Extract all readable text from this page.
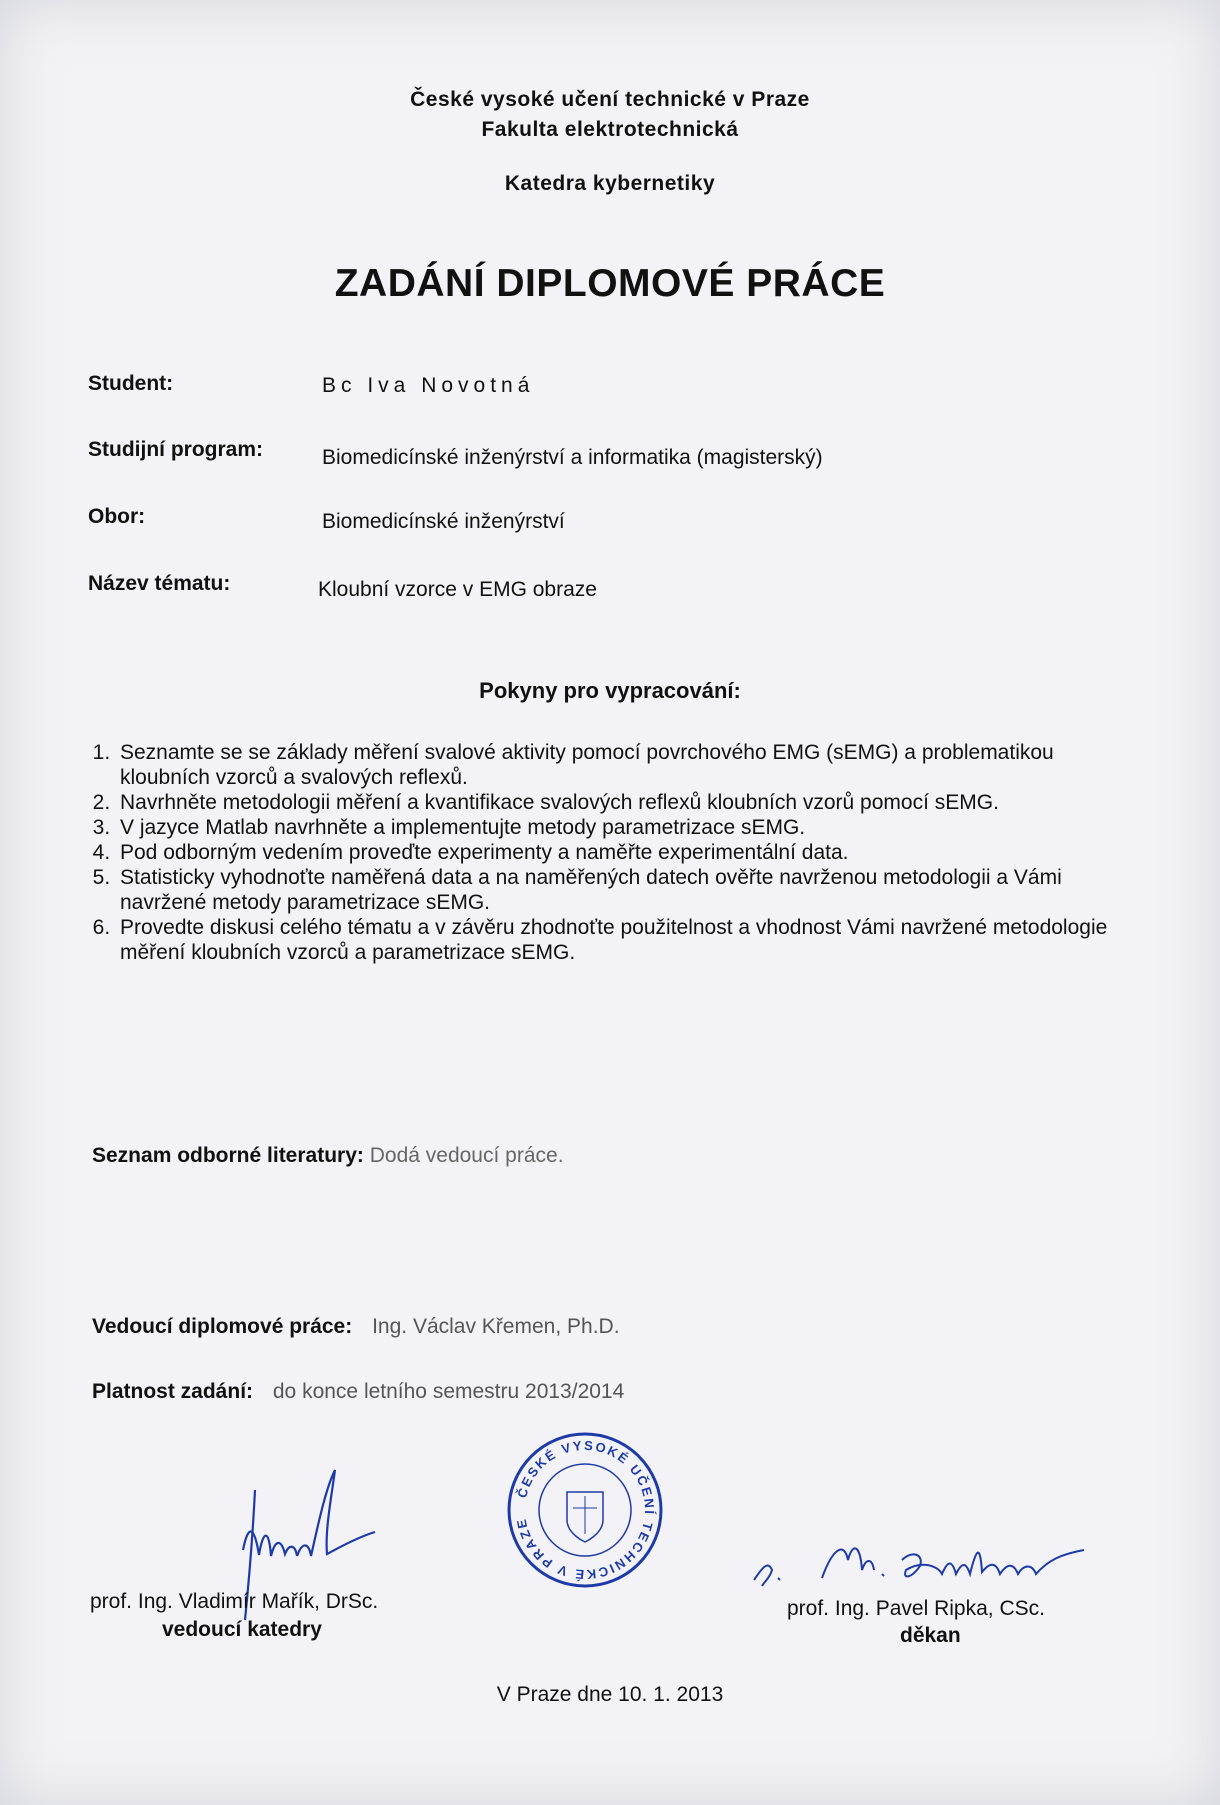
České vysoké učení technické v Praze
Fakulta elektrotechnická
Katedra kybernetiky
ZADÁNÍ DIPLOMOVÉ PRÁCE
Student:	Bc Iva Novotná
Studijní program:	Biomedicínské inženýrství a informatika (magisterský)
Obor:	Biomedicínské inženýrství
Název tématu:	Kloubní vzorce v EMG obraze
Pokyny pro vypracování:
1. Seznamte se se základy měření svalové aktivity pomocí povrchového EMG (sEMG) a problematikou kloubních vzorců a svalových reflexů.
2. Navrhněte metodologii měření a kvantifikace svalových reflexů kloubních vzorů pomocí sEMG.
3. V jazyce Matlab navrhněte a implementujte metody parametrizace sEMG.
4. Pod odborným vedením proveďte experimenty a naměřte experimentální data.
5. Statisticky vyhodnoťte naměřená data a na naměřených datech ověřte navrženou metodologii a Vámi navržené metody parametrizace sEMG.
6. Provedte diskusi celého tématu a v závěru zhodnoťte použitelnost a vhodnost Vámi navržené metodologie měření kloubních vzorců a parametrizace sEMG.
Seznam odborné literatury: Dodá vedoucí práce.
Vedoucí diplomové práce: Ing. Václav Křemen, Ph.D.
Platnost zadání: do konce letního semestru 2013/2014
ČESKÉ VYSOKÉ UČENÍ TECHNICKÉ V PRAZE
prof. Ing. Vladimír Mařík, DrSc.
vedoucí katedry
prof. Ing. Pavel Ripka, CSc.
děkan
V Praze dne 10. 1. 2013
